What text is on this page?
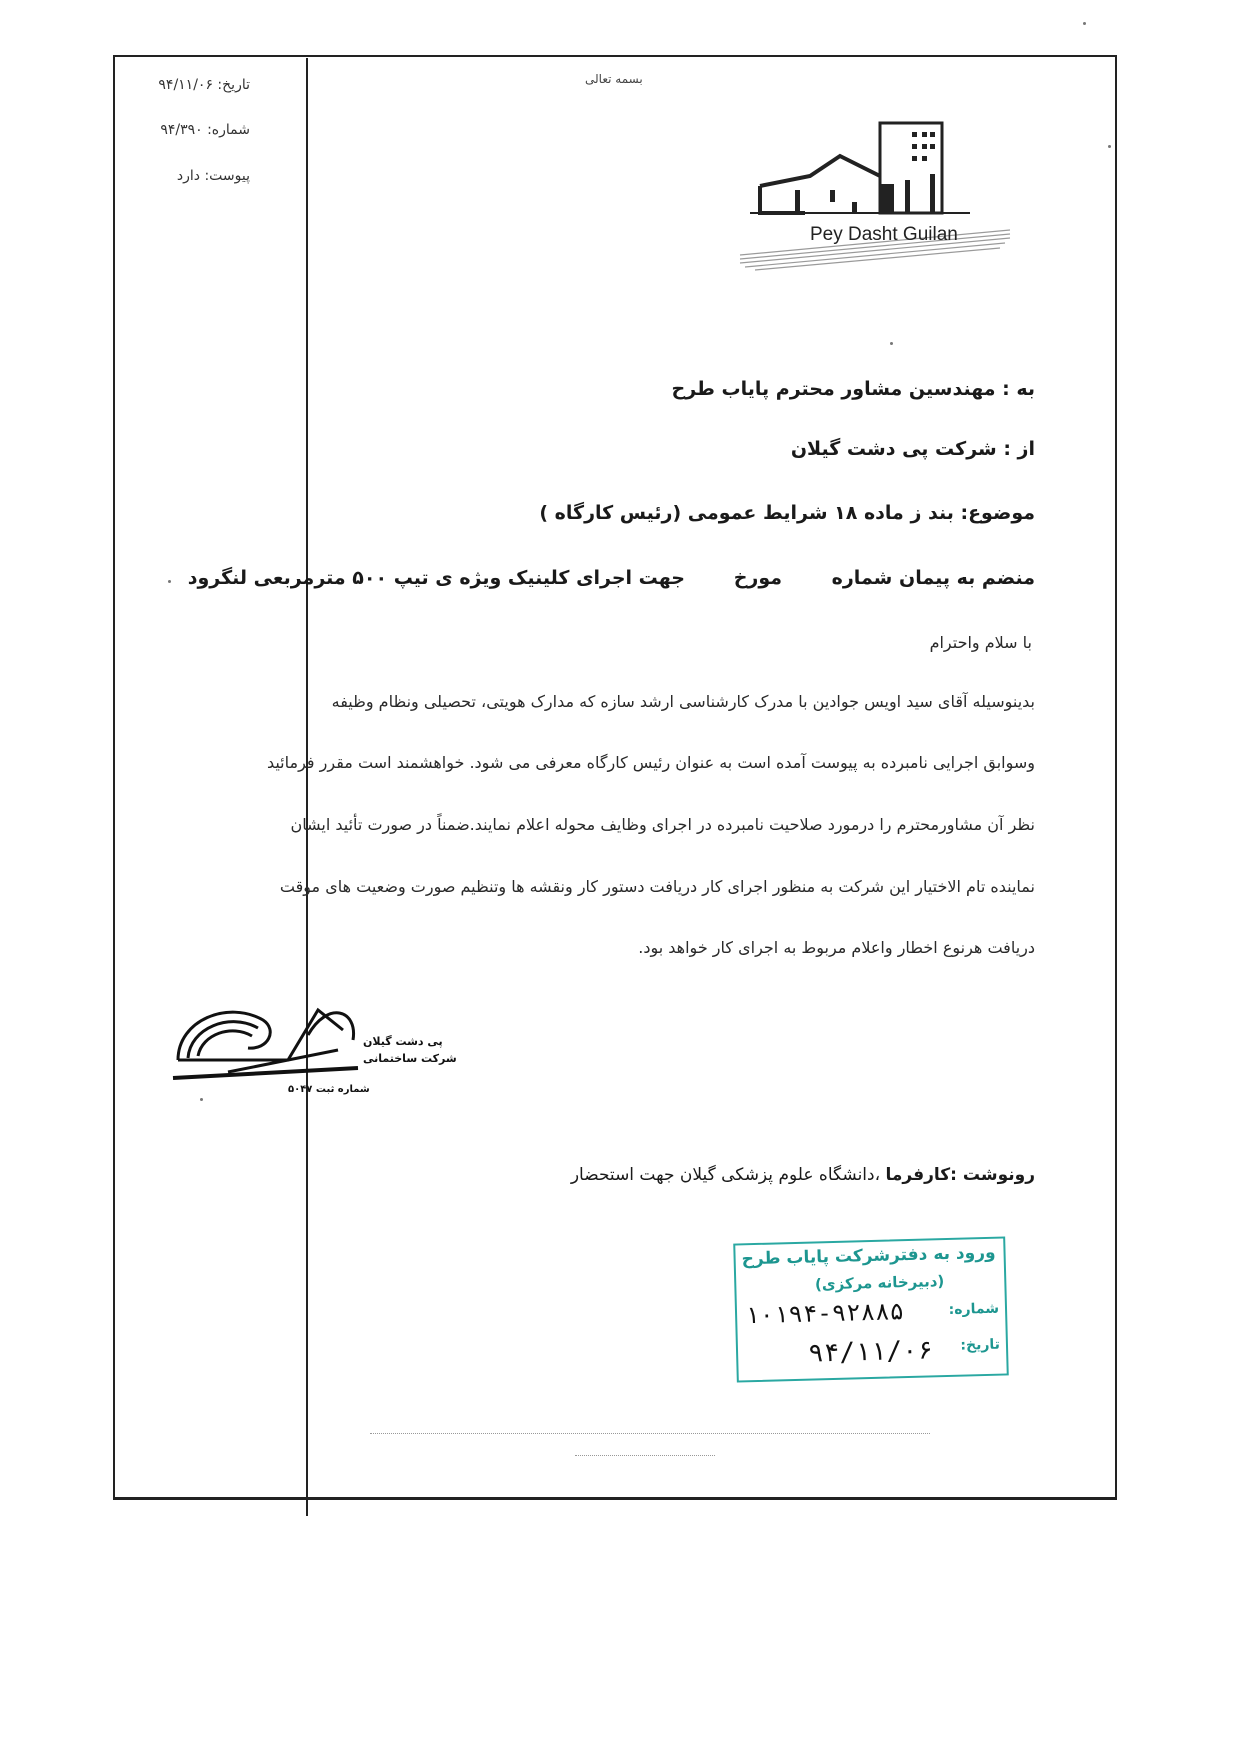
تاریخ: ۹۴/۱۱/۰۶
شماره: ۹۴/۳۹۰
پیوست: دارد
بسمه تعالی
Pey Dasht Guilan
به : مهندسین مشاور محترم پایاب طرح
از : شرکت پی دشت گیلان
موضوع: بند ز ماده ۱۸ شرایط عمومی (رئیس کارگاه )
منضم به پیمان شماره
مورخ
جهت اجرای کلینیک ویژه ی تیپ ۵۰۰ مترمربعی لنگرود
با سلام واحترام
بدینوسیله آقای سید اویس جوادین با مدرک کارشناسی ارشد سازه که مدارک هویتی، تحصیلی ونظام وظیفه
وسوابق اجرایی نامبرده به پیوست آمده است به عنوان رئیس کارگاه معرفی می شود. خواهشمند است مقرر فرمائید
نظر آن مشاورمحترم را درمورد صلاحیت نامبرده در اجرای وظایف محوله اعلام نمایند.ضمناً در صورت تأئید ایشان
نماینده تام الاختیار این شرکت به منظور اجرای کار دریافت دستور کار ونقشه ها وتنظیم صورت وضعیت های موقت
دریافت هرنوع اخطار واعلام مربوط به اجرای کار خواهد بود.
پی دشت گیلان
شرکت ساختمانی
شماره ثبت ۵۰۴۷
رونوشت :کارفرما ،دانشگاه علوم پزشکی گیلان جهت استحضار
ورود به دفترشرکت پایاب طرح
(دبیرخانه مرکزی)
شماره:
۱۰۱۹۴-۹۲۸۸۵
تاریخ:
۹۴/۱۱/۰۶
